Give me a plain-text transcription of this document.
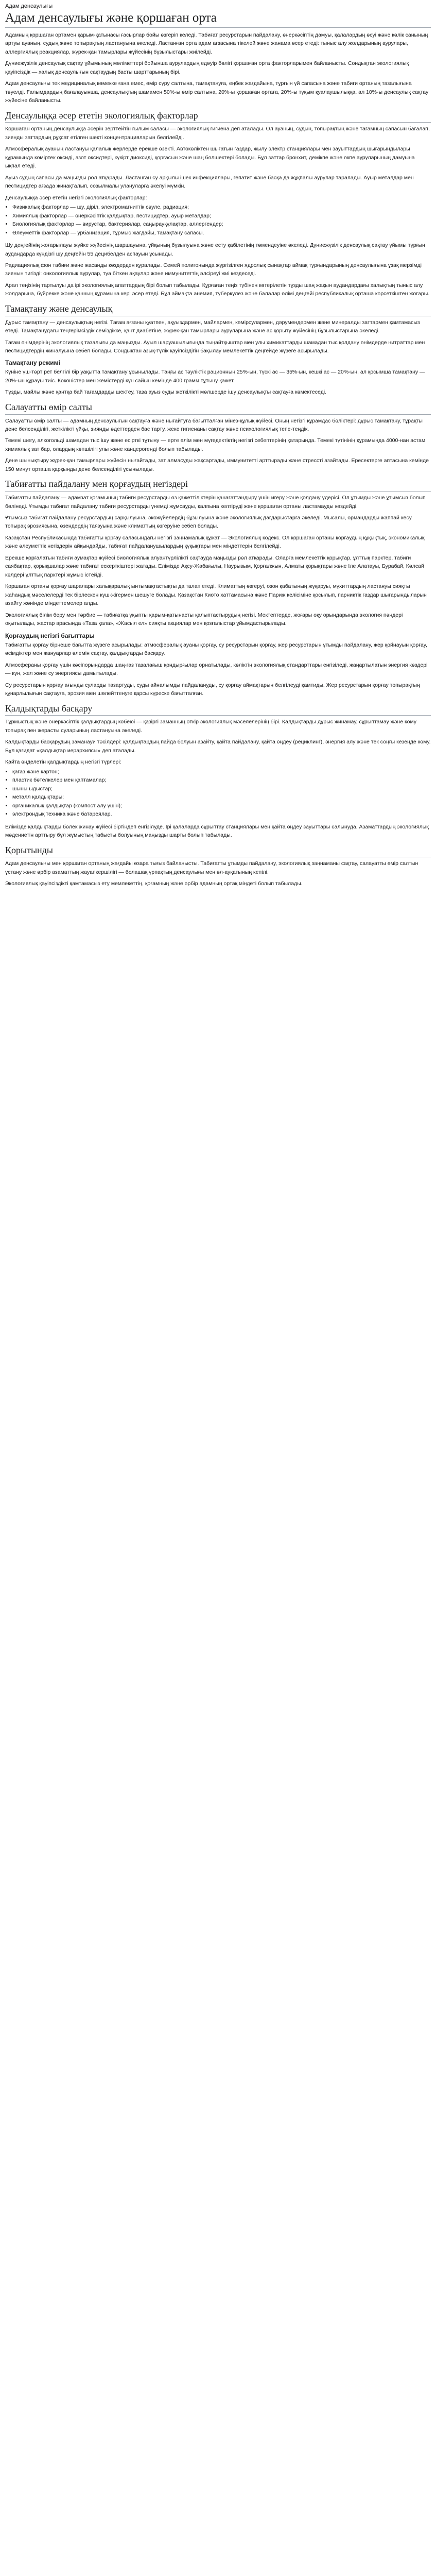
Адам денсаулығы
Адам денсаулығы және қоршаған орта

Адамның қоршаған ортамен қарым-қатынасы ғасырлар бойы өзгеріп келеді. Табиғат ресурстарын пайдалану, өнеркәсіптің дамуы, қалалардың өсуі және көлік санының артуы ауаның, судың және топырақтың ластануына әкеледі. Ластанған орта адам ағзасына тікелей және жанама әсер етеді: тыныс алу жолдарының аурулары, аллергиялық реакциялар, жүрек-қан тамырлары жүйесінің бұзылыстары жиілейді.

Дүниежүзілік денсаулық сақтау ұйымының мәліметтері бойынша аурулардың едәуір бөлігі қоршаған орта факторларымен байланысты. Сондықтан экологиялық қауіпсіздік — халық денсаулығын сақтаудың басты шарттарының бірі.

Адам денсаулығы тек медициналық көмекке ғана емес, өмір сүру салтына, тамақтануға, еңбек жағдайына, тұрғын үй сапасына және табиғи ортаның тазалығына тәуелді. Ғалымдардың бағалауынша, денсаулықтың шамамен 50%-ы өмір салтына, 20%-ы қоршаған ортаға, 20%-ы тұқым қуалаушылыққа, ал 10%-ы денсаулық сақтау жүйесіне байланысты.

Денсаулыққа әсер ететін экологиялық факторлар

Қоршаған ортаның денсаулыққа әсерін зерттейтін ғылым саласы — экологиялық гигиена деп аталады. Ол ауаның, судың, топырақтың және тағамның сапасын бағалап, зиянды заттардың рұқсат етілген шекті концентрацияларын белгілейді.

Атмосфералық ауаның ластануы қалалық жерлерде ерекше өзекті. Автокөліктен шығатын газдар, жылу электр станциялары мен зауыттардың шығарындылары құрамында көміртек оксиді, азот оксидтері, күкірт диоксиді, қорғасын және шаң бөлшектері болады. Бұл заттар бронхит, демікпе және өкпе ауруларының дамуына ықпал етеді.

Ауыз судың сапасы да маңызды рөл атқарады. Ластанған су арқылы ішек инфекциялары, гепатит және басқа да жұқпалы аурулар таралады. Ауыр металдар мен пестицидтер ағзада жинақталып, созылмалы улануларға әкелуі мүмкін.

Денсаулыққа әсер ететін негізгі экологиялық факторлар:
• Физикалық факторлар — шу, діріл, электромагниттік сәуле, радиация;
• Химиялық факторлар — өнеркәсіптік қалдықтар, пестицидтер, ауыр металдар;
• Биологиялық факторлар — вирустар, бактериялар, саңырауқұлақтар, аллергендер;
• Әлеуметтік факторлар — урбанизация, тұрмыс жағдайы, тамақтану сапасы.

Шу деңгейінің жоғарылауы жүйке жүйесінің шаршауына, ұйқының бұзылуына және есту қабілетінің төмендеуіне әкеледі. Дүниежүзілік денсаулық сақтау ұйымы тұрғын аудандарда күндізгі шу деңгейін 55 децибелден аспауын ұсынады.

Радиациялық фон табиғи және жасанды көздерден құралады. Семей полигонында жүргізілген ядролық сынақтар аймақ тұрғындарының денсаулығына ұзақ мерзімді зиянын тигізді: онкологиялық аурулар, туа біткен ақаулар және иммунитеттің әлсіреуі жиі кездеседі.

Арал теңізінің тартылуы да ірі экологиялық апаттардың бірі болып табылады. Құрғаған теңіз түбінен көтерілетін тұзды шаң жақын аудандардағы халықтың тыныс алу жолдарына, бүйрекке және қанның құрамына кері әсер етеді. Бұл аймақта анемия, туберкулез және балалар өлімі деңгейі республикалық орташа көрсеткіштен жоғары.

Тамақтану және денсаулық

Дұрыс тамақтану — денсаулықтың негізі. Тағам ағзаны қуатпен, ақуыздармен, майлармен, көмірсулармен, дәрумендермен және минералды заттармен қамтамасыз етеді. Тамақтанудағы теңгерімсіздік семіздікке, қант диабетіне, жүрек-қан тамырлары ауруларына және ас қорыту жүйесінің бұзылыстарына әкеледі.

Тағам өнімдерінің экологиялық тазалығы да маңызды. Ауыл шаруашылығында тыңайтқыштар мен улы химикаттарды шамадан тыс қолдану өнімдерде нитраттар мен пестицидтердің жиналуына себеп болады. Сондықтан азық-түлік қауіпсіздігін бақылау мемлекеттік деңгейде жүзеге асырылады.

Тамақтану режимі

Күніне үш-төрт рет белгілі бір уақытта тамақтану ұсынылады. Таңғы ас тәуліктік рационның 25%-ын, түскі ас — 35%-ын, кешкі ас — 20%-ын, ал қосымша тамақтану — 20%-ын құрауы тиіс. Көкөністер мен жемістерді күн сайын кемінде 400 грамм тұтыну қажет.

Тұзды, майлы және қантқа бай тағамдарды шектеу, таза ауыз суды жеткілікті мөлшерде ішу денсаулықты сақтауға көмектеседі.

Салауатты өмір салты

Салауатты өмір салты — адамның денсаулығын сақтауға және нығайтуға бағытталған мінез-құлық жүйесі. Оның негізгі құрамдас бөліктері: дұрыс тамақтану, тұрақты дене белсенділігі, жеткілікті ұйқы, зиянды әдеттерден бас тарту, жеке гигиенаны сақтау және психологиялық тепе-теңдік.

Темекі шегу, алкогольді шамадан тыс ішу және есірткі тұтыну — ерте өлім мен мүгедектіктің негізгі себептерінің қатарында. Темекі түтінінің құрамында 4000-нан астам химиялық зат бар, олардың көпшілігі улы және канцерогенді болып табылады.

Дене шынықтыру жүрек-қан тамырлары жүйесін нығайтады, зат алмасуды жақсартады, иммунитетті арттырады және стрессті азайтады. Ересектерге аптасына кемінде 150 минут орташа қарқынды дене белсенділігі ұсынылады.

Табиғатты пайдалану мен қорғаудың негіздері

Табиғатты пайдалану — адамзат қоғамының табиғи ресурстарды өз қажеттіліктерін қанағаттандыру үшін игеру және қолдану үдерісі. Ол ұтымды және ұтымсыз болып бөлінеді. Ұтымды табиғат пайдалану табиғи ресурстарды үнемді жұмсауды, қалпына келтіруді және қоршаған ортаны ластамауды көздейді.

Ұтымсыз табиғат пайдалану ресурстардың сарқылуына, экожүйелердің бұзылуына және экологиялық дағдарыстарға әкеледі. Мысалы, ормандарды жаппай кесу топырақ эрозиясына, өзендердің таязуына және климаттың өзгеруіне себеп болады.

Қазақстан Республикасында табиғатты қорғау саласындағы негізгі заңнамалық құжат — Экологиялық кодекс. Ол қоршаған ортаны қорғаудың құқықтық, экономикалық және әлеуметтік негіздерін айқындайды, табиғат пайдаланушылардың құқықтары мен міндеттерін белгілейді.

Ерекше қорғалатын табиғи аумақтар жүйесі биологиялық алуантүрлілікті сақтауда маңызды рөл атқарады. Оларға мемлекеттік қорықтар, ұлттық парктер, табиғи саябақтар, қорықшалар және табиғат ескерткіштері жатады. Елімізде Ақсу-Жабағылы, Наурызым, Қорғалжын, Алматы қорықтары және Іле Алатауы, Бурабай, Көлсай көлдері ұлттық парктері жұмыс істейді.

Қоршаған ортаны қорғау шаралары халықаралық ынтымақтастықты да талап етеді. Климаттың өзгеруі, озон қабатының жұқаруы, мұхиттардың ластануы сияқты жаһандық мәселелерді тек бірлескен күш-жігермен шешуге болады. Қазақстан Киото хаттамасына және Париж келісіміне қосылып, парниктік газдар шығарындыларын азайту жөнінде міндеттемелер алды.

Экологиялық білім беру мен тәрбие — табиғатқа ұқыпты қарым-қатынасты қалыптастырудың негізі. Мектептерде, жоғары оқу орындарында экология пәндері оқытылады, жастар арасында «Таза қала», «Жасыл ел» сияқты акциялар мен қозғалыстар ұйымдастырылады.

Қорғаудың негізгі бағыттары

Табиғатты қорғау бірнеше бағытта жүзеге асырылады: атмосфералық ауаны қорғау, су ресурстарын қорғау, жер ресурстарын ұтымды пайдалану, жер қойнауын қорғау, өсімдіктер мен жануарлар әлемін сақтау, қалдықтарды басқару.

Атмосфераны қорғау үшін кәсіпорындарда шаң-газ тазалағыш қондырғылар орнатылады, көліктің экологиялық стандарттары енгізіледі, жаңартылатын энергия көздері — күн, жел және су энергиясы дамытылады.

Су ресурстарын қорғау ағынды суларды тазартуды, суды айналымды пайдалануды, су қорғау аймақтарын белгілеуді қамтиды. Жер ресурстарын қорғау топырақтың құнарлылығын сақтауға, эрозия мен шөлейттенуге қарсы күреске бағытталған.

Қалдықтарды басқару

Тұрмыстық және өнеркәсіптік қалдықтардың көбеюі — қазіргі заманның өткір экологиялық мәселелерінің бірі. Қалдықтарды дұрыс жинамау, сұрыптамау және көму топырақ пен жерасты суларының ластануына әкеледі.

Қалдықтарды басқарудың заманауи тәсілдері: қалдықтардың пайда болуын азайту, қайта пайдалану, қайта өңдеу (рециклинг), энергия алу және тек соңғы кезеңде көму. Бұл қағидат «қалдықтар иерархиясы» деп аталады.

Қайта өңделетін қалдықтардың негізгі түрлері:
• қағаз және картон;
• пластик бөтелкелер мен қаптамалар;
• шыны ыдыстар;
• металл қалдықтары;
• органикалық қалдықтар (компост алу үшін);
• электрондық техника және батареялар.

Елімізде қалдықтарды бөлек жинау жүйесі біртіндеп енгізілуде. Ірі қалаларда сұрыптау станциялары мен қайта өңдеу зауыттары салынуда. Азаматтардың экологиялық мәдениетін арттыру бұл жұмыстың табысты болуының маңызды шарты болып табылады.

Қорытынды

Адам денсаулығы мен қоршаған ортаның жағдайы өзара тығыз байланысты. Табиғатты ұтымды пайдалану, экологиялық заңнаманы сақтау, салауатты өмір салтын ұстану және әрбір азаматтың жауапкершілігі — болашақ ұрпақтың денсаулығы мен әл-ауқатының кепілі.

Экологиялық қауіпсіздікті қамтамасыз ету мемлекеттің, қоғамның және әрбір адамның ортақ міндеті болып табылады.
